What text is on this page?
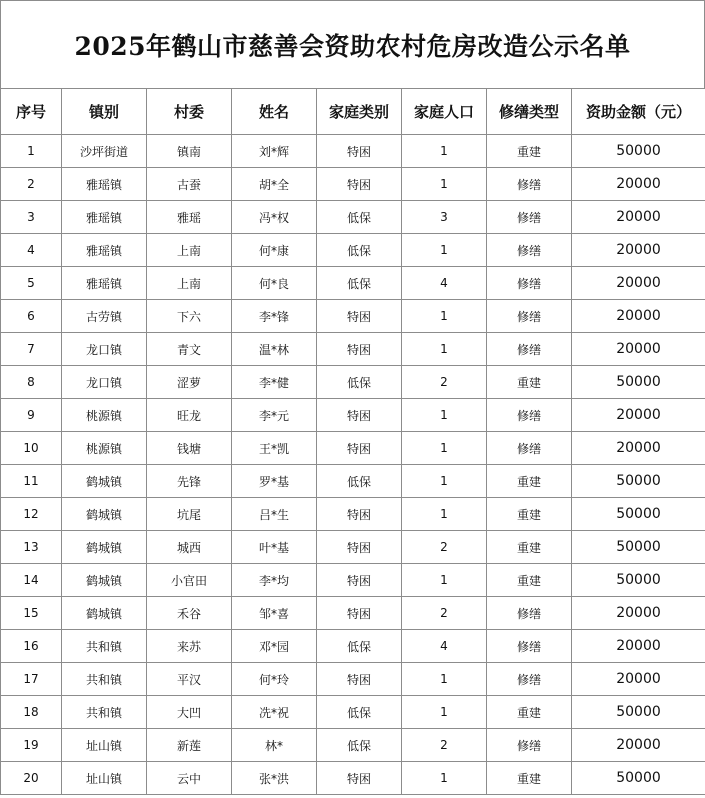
2025年鹤山市慈善会资助农村危房改造公示名单
序号	镇别	村委	姓名	家庭类别	家庭人口	修缮类型	资助金额（元）
1	沙坪街道	镇南	刘*辉	特困	1	重建	50000
2	雅瑶镇	古蚕	胡*全	特困	1	修缮	20000
3	雅瑶镇	雅瑶	冯*权	低保	3	修缮	20000
4	雅瑶镇	上南	何*康	低保	1	修缮	20000
5	雅瑶镇	上南	何*良	低保	4	修缮	20000
6	古劳镇	下六	李*锋	特困	1	修缮	20000
7	龙口镇	青文	温*林	特困	1	修缮	20000
8	龙口镇	涩萝	李*健	低保	2	重建	50000
9	桃源镇	旺龙	李*元	特困	1	修缮	20000
10	桃源镇	钱塘	王*凯	特困	1	修缮	20000
11	鹤城镇	先锋	罗*基	低保	1	重建	50000
12	鹤城镇	坑尾	吕*生	特困	1	重建	50000
13	鹤城镇	城西	叶*基	特困	2	重建	50000
14	鹤城镇	小官田	李*均	特困	1	重建	50000
15	鹤城镇	禾谷	邹*喜	特困	2	修缮	20000
16	共和镇	来苏	邓*园	低保	4	修缮	20000
17	共和镇	平汉	何*玲	特困	1	修缮	20000
18	共和镇	大凹	冼*祝	低保	1	重建	50000
19	址山镇	新莲	林*	低保	2	修缮	20000
20	址山镇	云中	张*洪	特困	1	重建	50000
